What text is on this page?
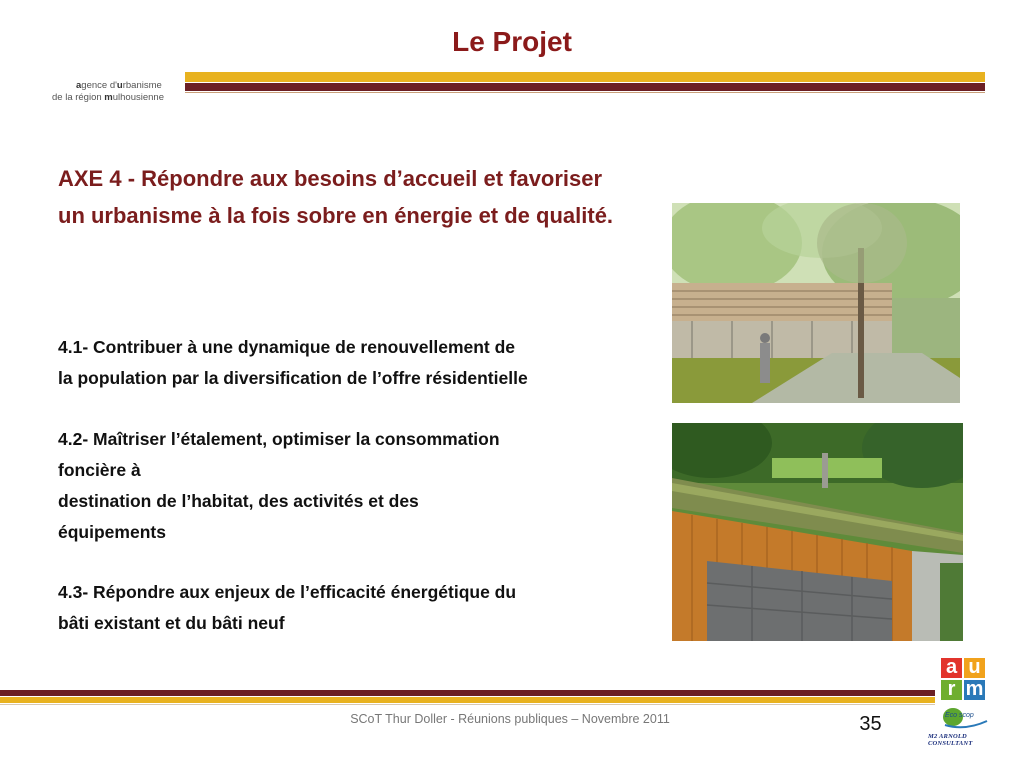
Le Projet
agence d'urbanisme
de la région mulhousienne
AXE 4 - Répondre aux besoins d’accueil et favoriser un urbanisme à la fois sobre en énergie et de qualité.
4.1- Contribuer à une dynamique de renouvellement de
la population par la diversification de l’offre résidentielle
4.2- Maîtriser l’étalement, optimiser la consommation
foncière à
destination de l’habitat, des activités et des
équipements
4.3- Répondre aux enjeux de l’efficacité énergétique du
bâti existant et du bâti neuf
SCoT Thur Doller - Réunions publiques – Novembre 2011	35
a u
r m
Eco scop
M2 ARNOLD CONSULTANT
